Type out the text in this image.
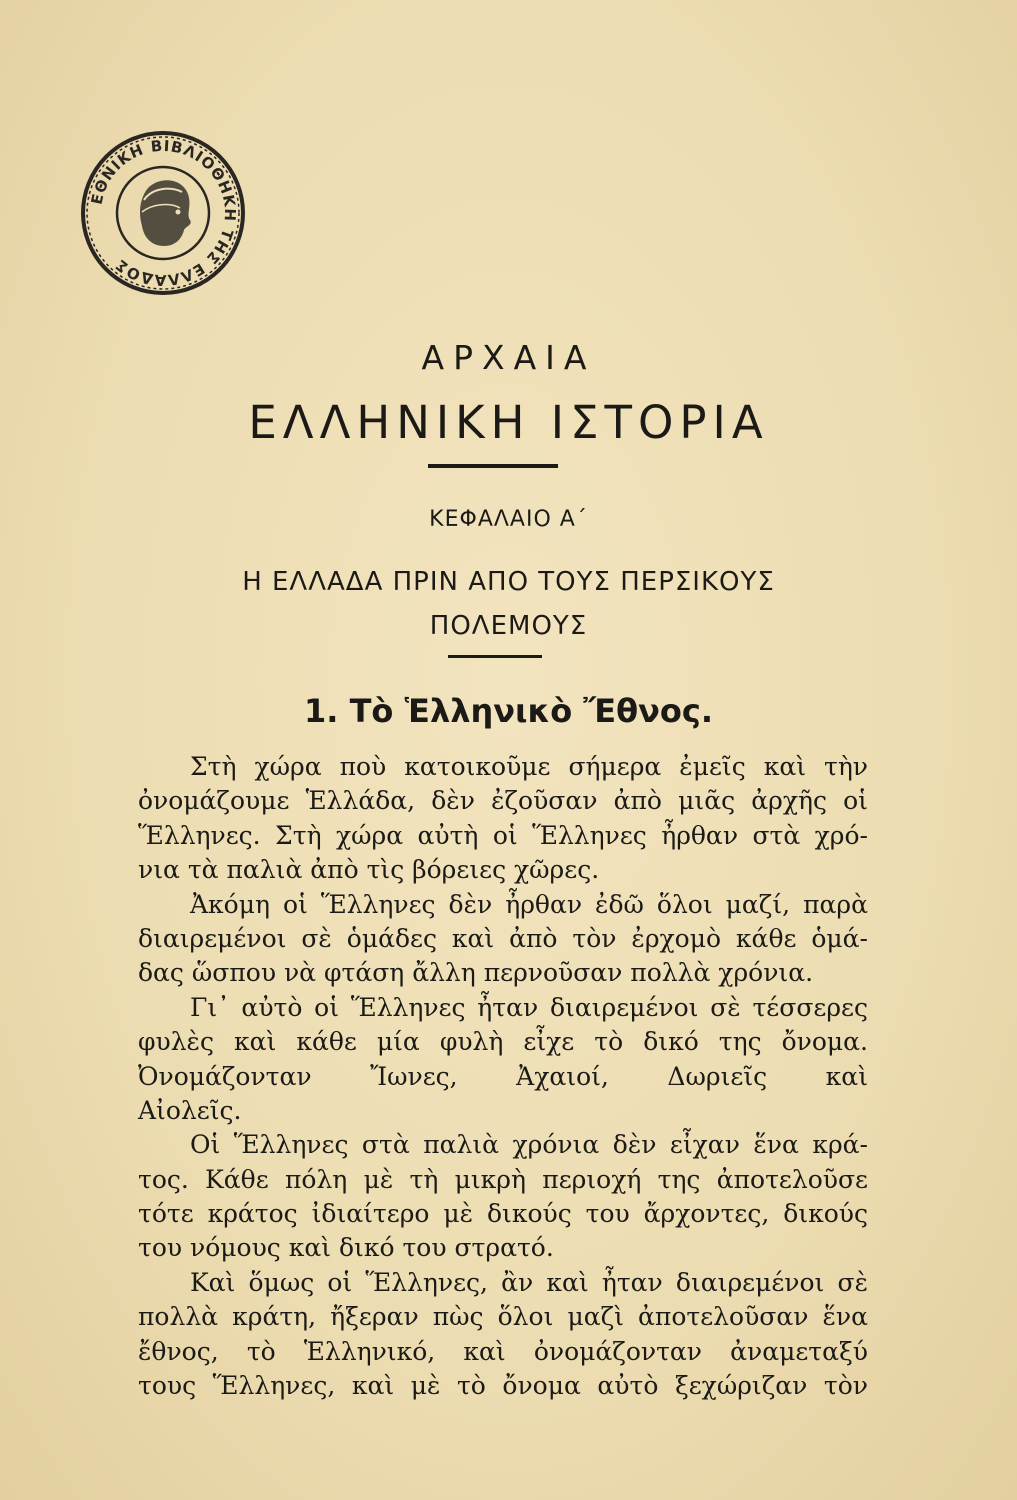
ΕΘΝΙΚΗ ΒΙΒΛΙΟΘΗΚΗ ΤΗΣ ΕΛΛΑΔΟΣ
ΑΡΧΑΙΑ
ΕΛΛΗΝΙΚΗ ΙΣΤΟΡΙΑ

ΚΕΦΑΛΑΙΟ Α΄

Η ΕΛΛΑΔΑ ΠΡΙΝ ΑΠΟ ΤΟΥΣ ΠΕΡΣΙΚΟΥΣ
ΠΟΛΕΜΟΥΣ
1. Τὸ Ἑλληνικὸ Ἔθνος.
Στὴ χώρα ποὺ κατοικοῦμε σήμερα ἐμεῖς καὶ τὴν
ὀνομάζουμε Ἑλλάδα, δὲν ἐζοῦσαν ἀπὸ μιᾶς ἀρχῆς οἱ
Ἕλληνες. Στὴ χώρα αὐτὴ οἱ Ἕλληνες ἦρθαν στὰ χρό-
νια τὰ παλιὰ ἀπὸ τὶς βόρειες χῶρες.
Ἀκόμη οἱ Ἕλληνες δὲν ἦρθαν ἐδῶ ὅλοι μαζί, παρὰ
διαιρεμένοι σὲ ὁμάδες καὶ ἀπὸ τὸν ἐρχομὸ κάθε ὁμά-
δας ὥσπου νὰ φτάση ἄλλη περνοῦσαν πολλὰ χρόνια.
Γι᾽ αὐτὸ οἱ Ἕλληνες ἦταν διαιρεμένοι σὲ τέσσερες
φυλὲς καὶ κάθε μία φυλὴ εἶχε τὸ δικό της ὄνομα.
Ὀνομάζονταν Ἴωνες, Ἀχαιοί, Δωριεῖς καὶ
Αἰολεῖς.
Οἱ Ἕλληνες στὰ παλιὰ χρόνια δὲν εἶχαν ἕνα κρά-
τος. Κάθε πόλη μὲ τὴ μικρὴ περιοχή της ἀποτελοῦσε
τότε κράτος ἰδιαίτερο μὲ δικούς του ἄρχοντες, δικούς
του νόμους καὶ δικό του στρατό.
Καὶ ὅμως οἱ Ἕλληνες, ἂν καὶ ἦταν διαιρεμένοι σὲ
πολλὰ κράτη, ἤξεραν πὼς ὅλοι μαζὶ ἀποτελοῦσαν ἕνα
ἔθνος, τὸ Ἑλληνικό, καὶ ὀνομάζονταν ἀναμεταξύ
τους Ἕλληνες, καὶ μὲ τὸ ὄνομα αὐτὸ ξεχώριζαν τὸν
